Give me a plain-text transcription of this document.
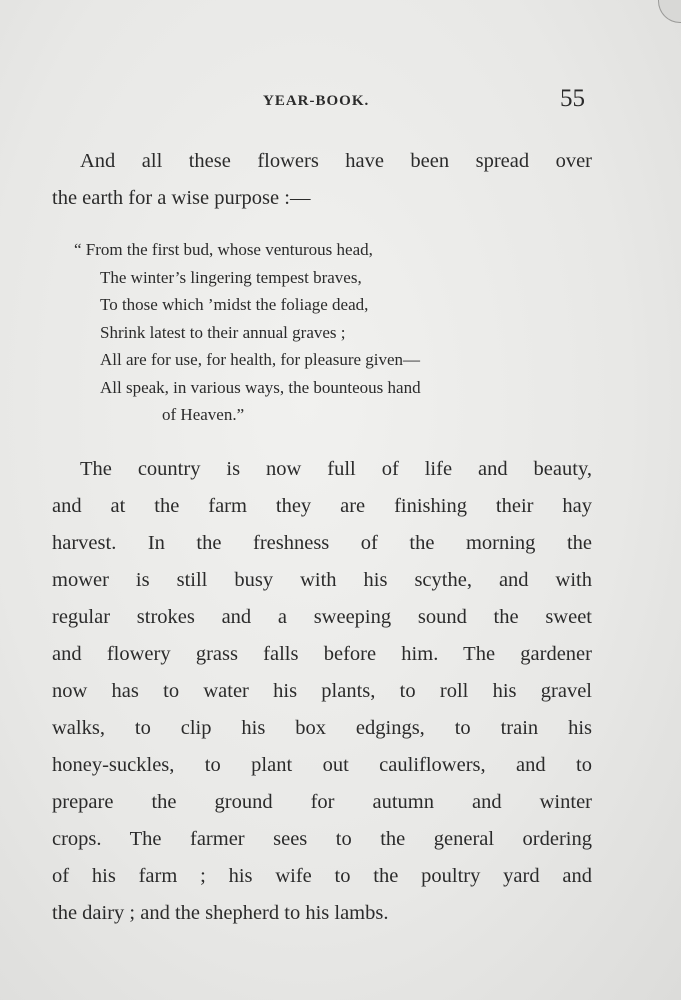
YEAR-BOOK.	55

And all these flowers have been spread over
the earth for a wise purpose :—

“ From the first bud, whose venturous head,
The winter’s lingering tempest braves,
To those which ’midst the foliage dead,
Shrink latest to their annual graves ;
All are for use, for health, for pleasure given—
All speak, in various ways, the bounteous hand
of Heaven.”

The country is now full of life and beauty,
and at the farm they are finishing their hay
harvest. In the freshness of the morning the
mower is still busy with his scythe, and with
regular strokes and a sweeping sound the sweet
and flowery grass falls before him. The gardener
now has to water his plants, to roll his gravel
walks, to clip his box edgings, to train his
honey-suckles, to plant out cauliflowers, and to
prepare the ground for autumn and winter
crops. The farmer sees to the general ordering
of his farm ; his wife to the poultry yard and
the dairy ; and the shepherd to his lambs.
